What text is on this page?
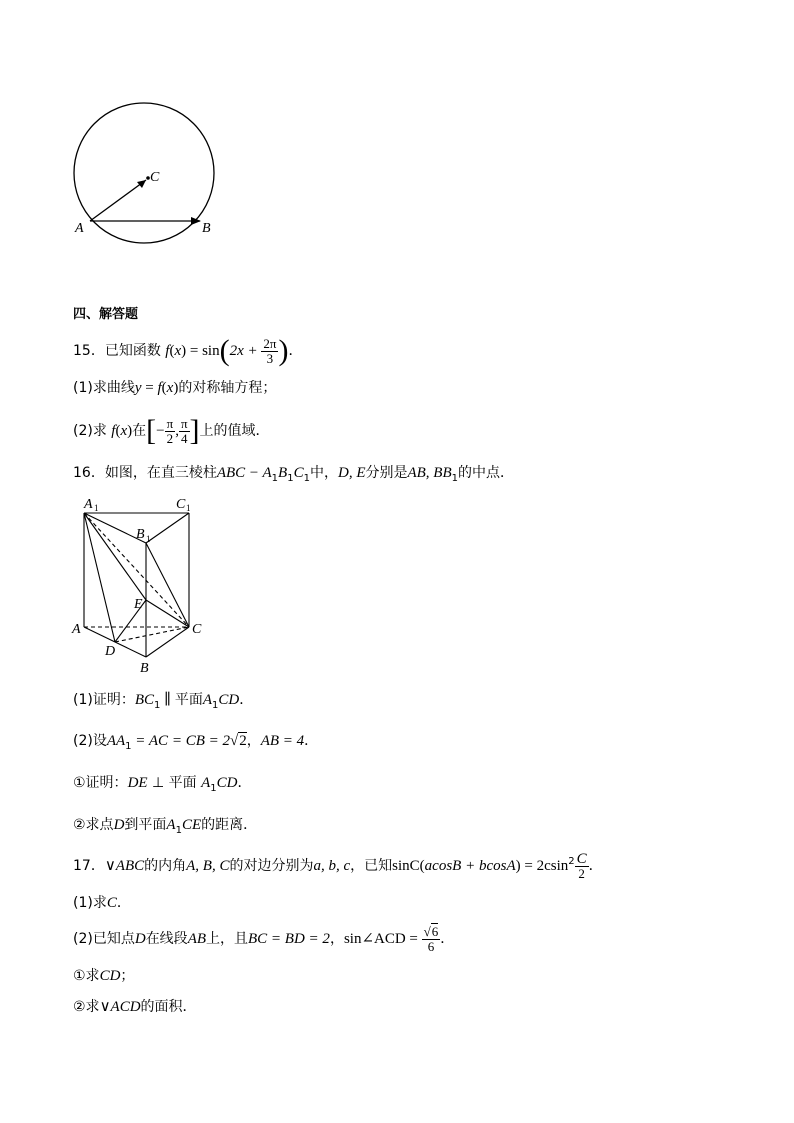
C
A	B
四、解答题
15．已知函数 $f(x) = \sin(2x + \frac{2\pi}{3}$ )．
(1)求曲线y = f(x)的对称轴方程；
(2)求 f(x)在[− $\frac{\pi}{2}$ , $\frac{\pi}{4}$ ]上的值域．
16．如图，在直三棱柱ABC − $A_1B_1C_1$中，D, E分别是AB, $BB_1$的中点．
A 1	C 1
B 1
E
A	C
D
B
(1)证明：$BC_1$ ∥ 平面$A_1CD$．
(2)设$AA_1$ = AC = CB = 2√2，AB = 4．
①证明：DE ⊥ 平面 $A_1CD$．
②求点D到平面$A_1CE$的距离．
17．∨ABC的内角A, B, C的对边分别为a, b, c，已知$\sin C(acosB + bcosA) = 2csin^2 \frac{C}{2}$ ．
(1)求C．
(2)已知点D在线段AB上，且BC = BD = 2，sin∠ACD = $\frac{√6}{6}$ ．
①求CD；
②求∨ACD的面积．
